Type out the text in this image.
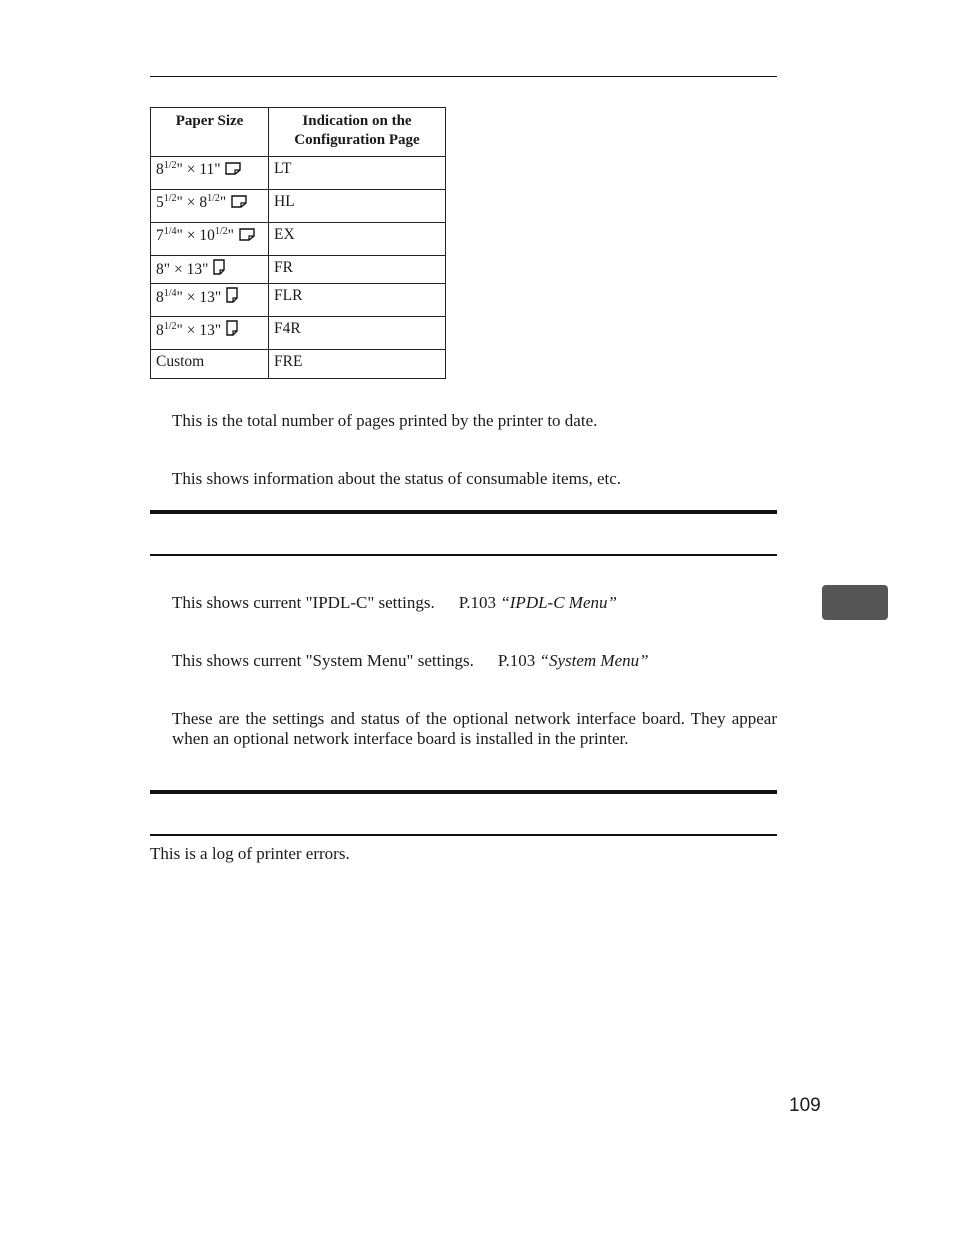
Paper Size	Indication on the Configuration Page
$8^{1/2}$" × 11"	LT
$5^{1/2}$" × $8^{1/2}$"	HL
$7^{1/4}$" × $10^{1/2}$"	EX
8" × 13"	FR
$8^{1/4}$" × 13"	FLR
$8^{1/2}$" × 13"	F4R
Custom	FRE
This is the total number of pages printed by the printer to date.
This shows information about the status of consumable items, etc.
This shows current "IPDL-C" settings. P.103 “IPDL-C Menu”
This shows current "System Menu" settings. P.103 “System Menu”
These are the settings and status of the optional network interface board. They appear when an optional network interface board is installed in the printer.
This is a log of printer errors.
109
